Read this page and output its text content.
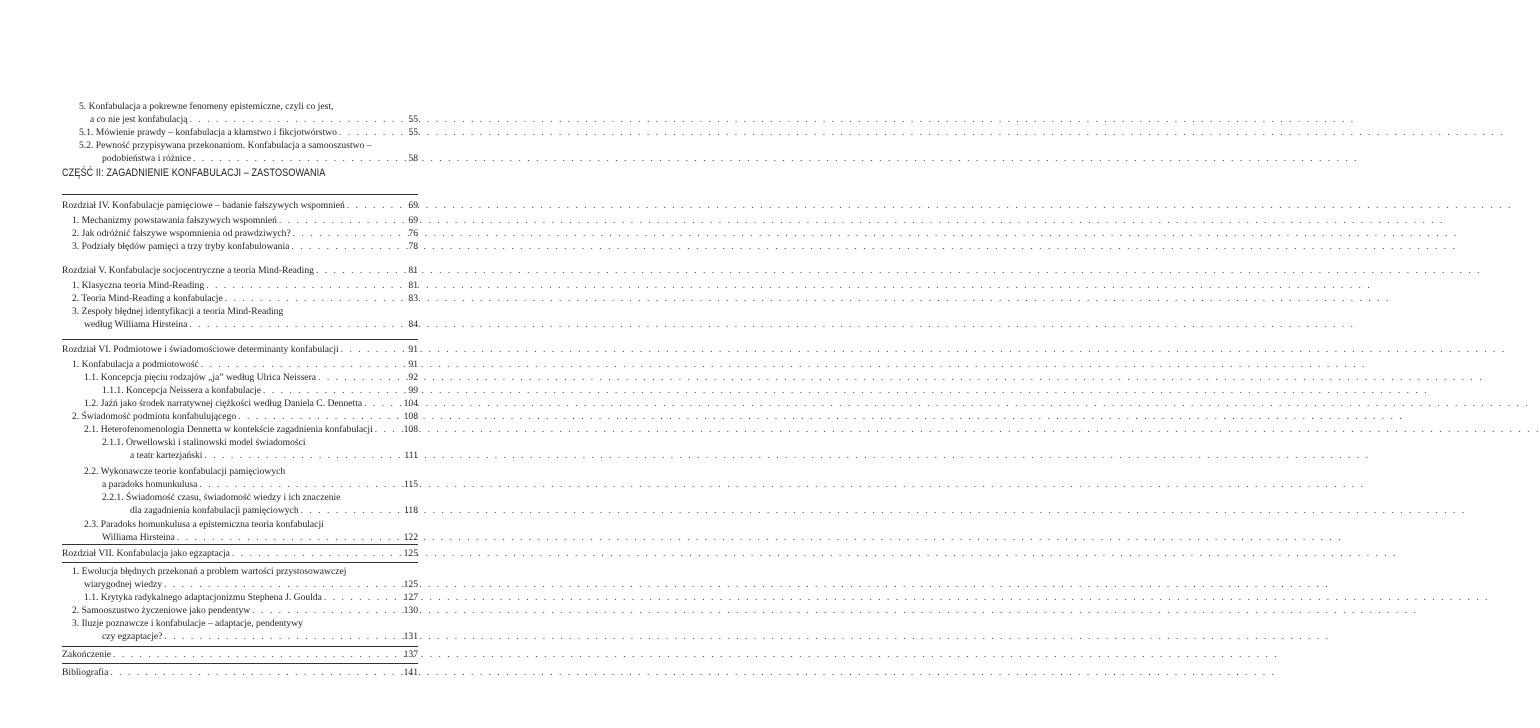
5. Konfabulacja a pokrewne fenomeny epistemiczne, czyli co jest,
a co nie jest konfabulacją . . .	55
5.1. Mówienie prawdy – konfabulacja a kłamstwo i fikcjotwórstwo . . .	55
5.2. Pewność przypisywana przekonaniom. Konfabulacja a samooszustwo –
podobieństwa i różnice . . .	58
CZĘŚĆ II: ZAGADNIENIE KONFABULACJI – ZASTOSOWANIA
Rozdział IV. Konfabulacje pamięciowe – badanie fałszywych wspomnień . . .	69
1. Mechanizmy powstawania fałszywych wspomnień . . .	69
2. Jak odróżnić fałszywe wspomnienia od prawdziwych? . . .	76
3. Podziały błędów pamięci a trzy tryby konfabulowania . . .	78
Rozdział V. Konfabulacje socjocentryczne a teoria Mind-Reading . . .	81
1. Klasyczna teoria Mind-Reading . . .	81
2. Teoria Mind-Reading a konfabulacje . . .	83
3. Zespoły błędnej identyfikacji a teoria Mind-Reading
według Williama Hirsteina . . .	84
Rozdział VI. Podmiotowe i świadomościowe determinanty konfabulacji . . .	91
1. Konfabulacja a podmiotowość . . .	91
1.1. Koncepcja pięciu rodzajów „ja” według Ulrica Neissera . . .	92
1.1.1. Koncepcja Neissera a konfabulacje . . .	99
1.2. Jaźń jako środek narratywnej ciężkości według Daniela C. Dennetta . . .	104
2. Świadomość podmiotu konfabulującego . . .	108
2.1. Heterofenomenologia Dennetta w kontekście zagadnienia konfabulacji . . .	108
2.1.1. Orwellowski i stalinowski model świadomości
a teatr kartezjański . . .	111
2.2. Wykonawcze teorie konfabulacji pamięciowych
a paradoks homunkulusa . . .	115
2.2.1. Świadomość czasu, świadomość wiedzy i ich znaczenie
dla zagadnienia konfabulacji pamięciowych . . .	118
2.3. Paradoks homunkulusa a epistemiczna teoria konfabulacji
Williama Hirsteina . . .	122
Rozdział VII. Konfabulacja jako egzaptacja . . .	125
1. Ewolucja błędnych przekonań a problem wartości przystosowawczej
wiarygodnej wiedzy . . .	125
1.1. Krytyka radykalnego adaptacjonizmu Stephena J. Goulda . . .	127
2. Samooszustwo życzeniowe jako pendentyw . . .	130
3. Iluzje poznawcze i konfabulacje – adaptacje, pendentywy
czy egzaptacje? . . .	131
Zakończenie . . .	137
Bibliografia . . .	141
